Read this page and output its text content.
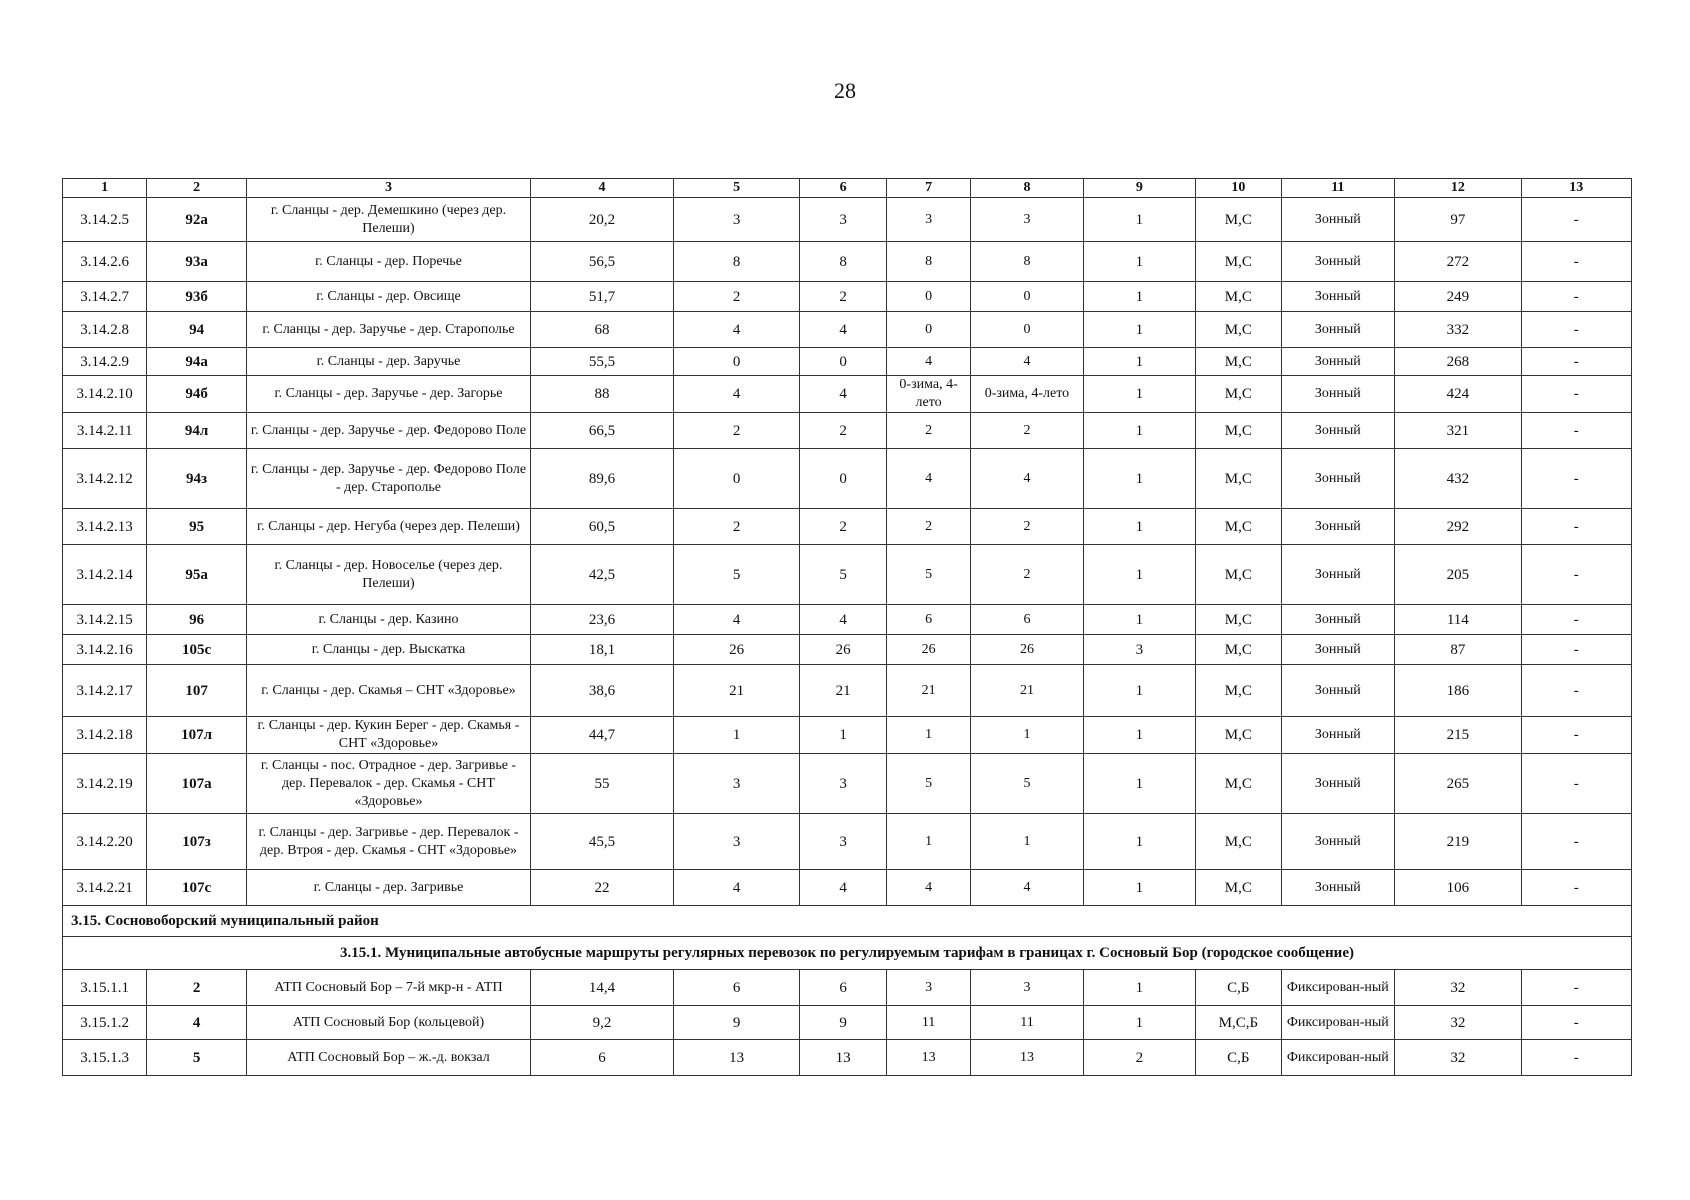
28
1	2	3	4	5	6	7	8	9	10	11	12	13
3.14.2.5	92а	г. Сланцы - дер. Демешкино (через дер. Пелеши)	20,2	3	3	3	3	1	М,С	Зонный	97	-
3.14.2.6	93а	г. Сланцы - дер. Поречье	56,5	8	8	8	8	1	М,С	Зонный	272	-
3.14.2.7	93б	г. Сланцы - дер. Овсище	51,7	2	2	0	0	1	М,С	Зонный	249	-
3.14.2.8	94	г. Сланцы - дер. Заручье - дер. Старополье	68	4	4	0	0	1	М,С	Зонный	332	-
3.14.2.9	94а	г. Сланцы - дер. Заручье	55,5	0	0	4	4	1	М,С	Зонный	268	-
3.14.2.10	94б	г. Сланцы - дер. Заручье - дер. Загорье	88	4	4	0-зима, 4-лето	0-зима, 4-лето	1	М,С	Зонный	424	-
3.14.2.11	94л	г. Сланцы - дер. Заручье - дер. Федорово Поле	66,5	2	2	2	2	1	М,С	Зонный	321	-
3.14.2.12	94з	г. Сланцы - дер. Заручье - дер. Федорово Поле - дер. Старополье	89,6	0	0	4	4	1	М,С	Зонный	432	-
3.14.2.13	95	г. Сланцы - дер. Негуба (через дер. Пелеши)	60,5	2	2	2	2	1	М,С	Зонный	292	-
3.14.2.14	95а	г. Сланцы - дер. Новоселье (через дер. Пелеши)	42,5	5	5	5	2	1	М,С	Зонный	205	-
3.14.2.15	96	г. Сланцы - дер. Казино	23,6	4	4	6	6	1	М,С	Зонный	114	-
3.14.2.16	105с	г. Сланцы - дер. Выскатка	18,1	26	26	26	26	3	М,С	Зонный	87	-
3.14.2.17	107	г. Сланцы - дер. Скамья – СНТ «Здоровье»	38,6	21	21	21	21	1	М,С	Зонный	186	-
3.14.2.18	107л	г. Сланцы - дер. Кукин Берег - дер. Скамья - СНТ «Здоровье»	44,7	1	1	1	1	1	М,С	Зонный	215	-
3.14.2.19	107а	г. Сланцы - пос. Отрадное - дер. Загривье - дер. Перевалок - дер. Скамья - СНТ «Здоровье»	55	3	3	5	5	1	М,С	Зонный	265	-
3.14.2.20	107з	г. Сланцы - дер. Загривье - дер. Перевалок - дер. Втроя - дер. Скамья - СНТ «Здоровье»	45,5	3	3	1	1	1	М,С	Зонный	219	-
3.14.2.21	107с	г. Сланцы - дер. Загривье	22	4	4	4	4	1	М,С	Зонный	106	-
3.15. Сосновоборский муниципальный район												
3.15.1. Муниципальные автобусные маршруты регулярных перевозок по регулируемым тарифам в границах г. Сосновый Бор (городское сообщение)												
3.15.1.1	2	АТП Сосновый Бор – 7-й мкр-н - АТП	14,4	6	6	3	3	1	С,Б	Фиксирован-ный	32	-
3.15.1.2	4	АТП Сосновый Бор (кольцевой)	9,2	9	9	11	11	1	М,С,Б	Фиксирован-ный	32	-
3.15.1.3	5	АТП Сосновый Бор – ж.-д. вокзал	6	13	13	13	13	2	С,Б	Фиксирован-ный	32	-
